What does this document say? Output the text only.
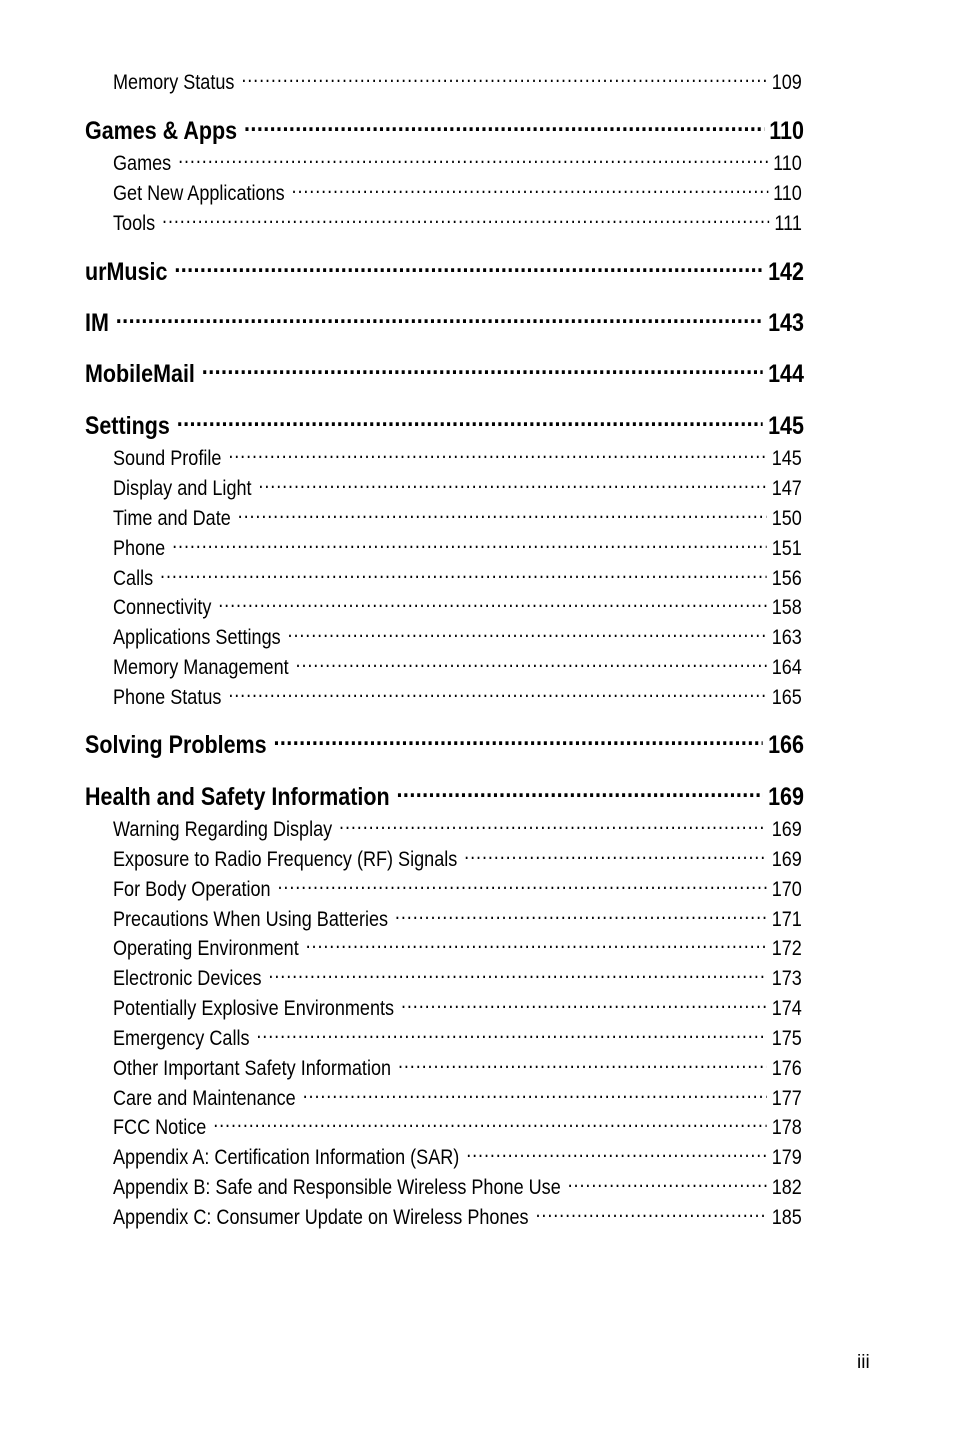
Memory Status .....	109
Games & Apps .....	110
Games .....	110
Get New Applications .....	110
Tools .....	111
urMusic .....	142
IM .....	143
MobileMail .....	144
Settings .....	145
Sound Profile .....	145
Display and Light .....	147
Time and Date .....	150
Phone .....	151
Calls .....	156
Connectivity .....	158
Applications Settings .....	163
Memory Management .....	164
Phone Status .....	165
Solving Problems .....	166
Health and Safety Information .....	169
Warning Regarding Display .....	169
Exposure to Radio Frequency (RF) Signals .....	169
For Body Operation .....	170
Precautions When Using Batteries .....	171
Operating Environment .....	172
Electronic Devices .....	173
Potentially Explosive Environments .....	174
Emergency Calls .....	175
Other Important Safety Information .....	176
Care and Maintenance .....	177
FCC Notice .....	178
Appendix A: Certification Information (SAR) .....	179
Appendix B: Safe and Responsible Wireless Phone Use .....	182
Appendix C: Consumer Update on Wireless Phones .....	185
iii
